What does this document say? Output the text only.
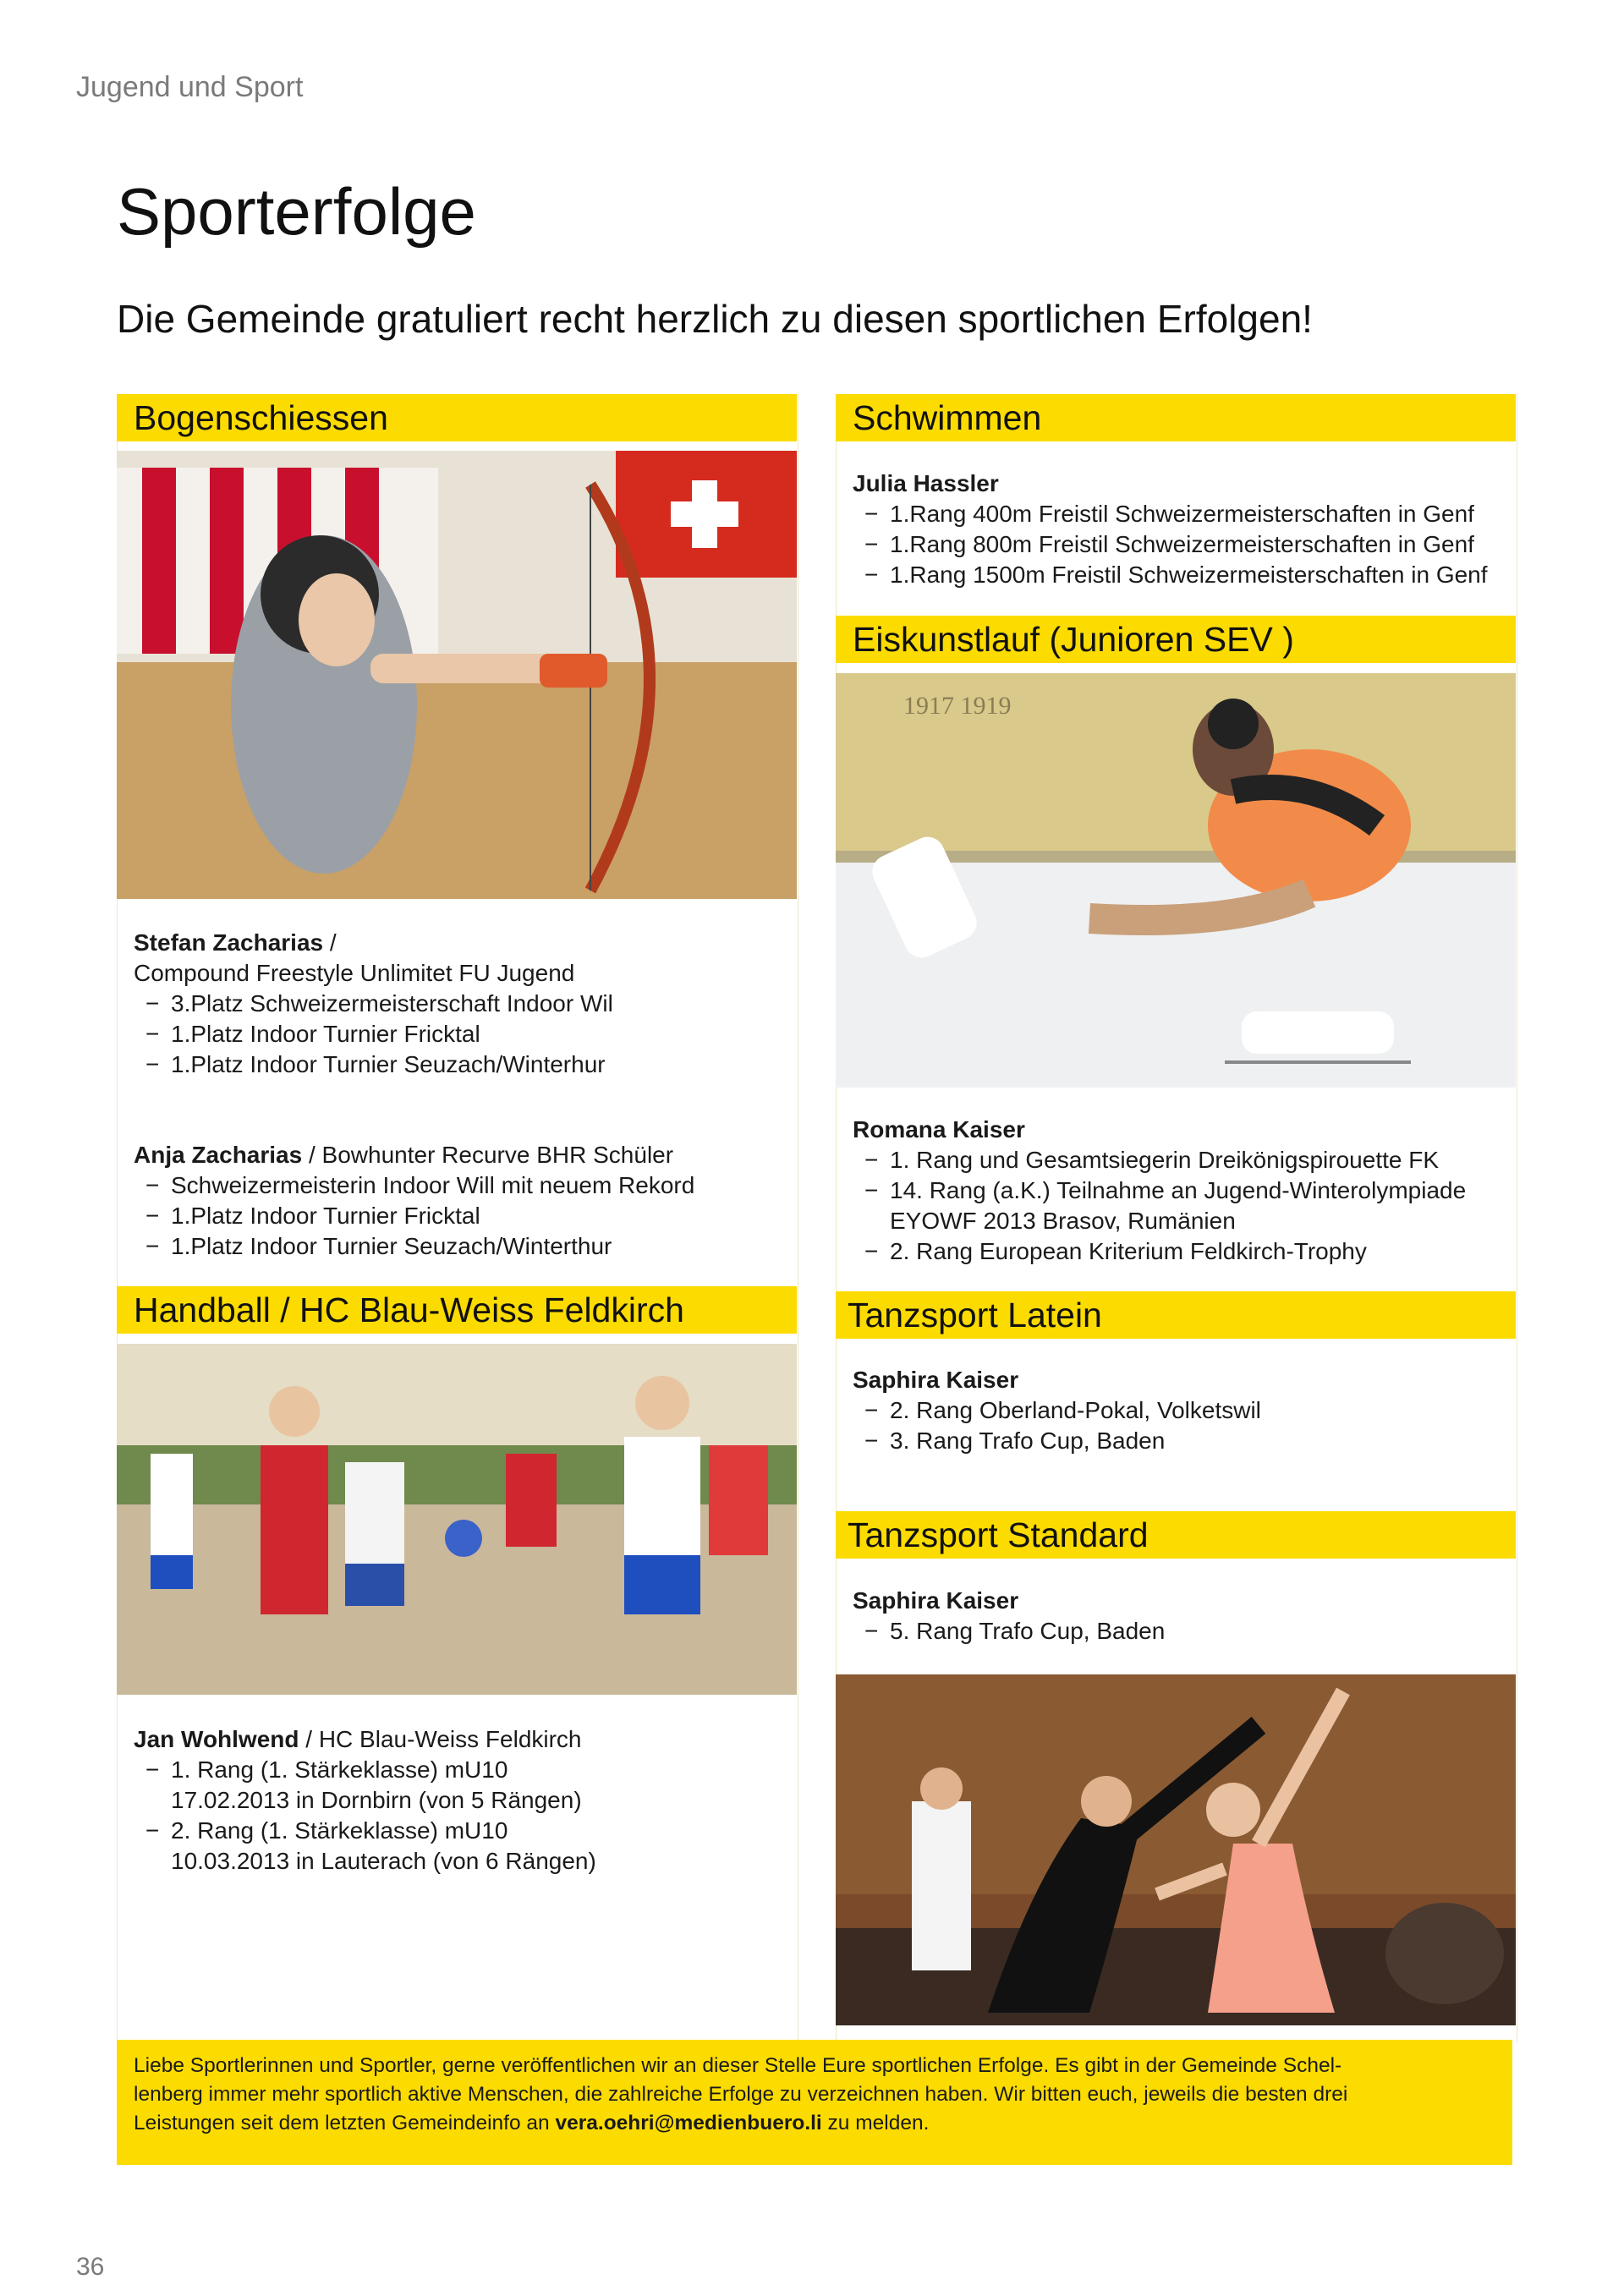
Jugend und Sport
Sporterfolge
Die Gemeinde gratuliert recht herzlich zu diesen sportlichen Erfolgen!
Bogenschiessen
Stefan Zacharias /
Compound Freestyle Unlimitet FU Jugend
− 3.Platz Schweizermeisterschaft Indoor Wil
− 1.Platz Indoor Turnier Fricktal
− 1.Platz Indoor Turnier Seuzach/Winterhur
Anja Zacharias / Bowhunter Recurve BHR Schüler
− Schweizermeisterin Indoor Will mit neuem Rekord
− 1.Platz Indoor Turnier Fricktal
− 1.Platz Indoor Turnier Seuzach/Winterthur
Handball / HC Blau-Weiss Feldkirch
Jan Wohlwend / HC Blau-Weiss Feldkirch
− 1. Rang (1. Stärkeklasse) mU10
17.02.2013 in Dornbirn (von 5 Rängen)
− 2. Rang (1. Stärkeklasse) mU10
10.03.2013 in Lauterach (von 6 Rängen)
Schwimmen
Julia Hassler
− 1.Rang 400m Freistil Schweizermeisterschaften in Genf
− 1.Rang 800m Freistil Schweizermeisterschaften in Genf
− 1.Rang 1500m Freistil Schweizermeisterschaften in Genf
Eiskunstlauf (Junioren SEV )
1917 1919
Romana Kaiser
− 1. Rang und Gesamtsiegerin Dreikönigspirouette FK
− 14. Rang (a.K.) Teilnahme an Jugend-Winterolympiade
EYOWF 2013 Brasov, Rumänien
− 2. Rang European Kriterium Feldkirch-Trophy
Tanzsport Latein
Saphira Kaiser
− 2. Rang Oberland-Pokal, Volketswil
− 3. Rang Trafo Cup, Baden
Tanzsport Standard
Saphira Kaiser
− 5. Rang Trafo Cup, Baden
Liebe Sportlerinnen und Sportler, gerne veröffentlichen wir an dieser Stelle Eure sportlichen Erfolge. Es gibt in der Gemeinde Schel-
lenberg immer mehr sportlich aktive Menschen, die zahlreiche Erfolge zu verzeichnen haben. Wir bitten euch, jeweils die besten drei
Leistungen seit dem letzten Gemeindeinfo an vera.oehri@medienbuero.li zu melden.
36
